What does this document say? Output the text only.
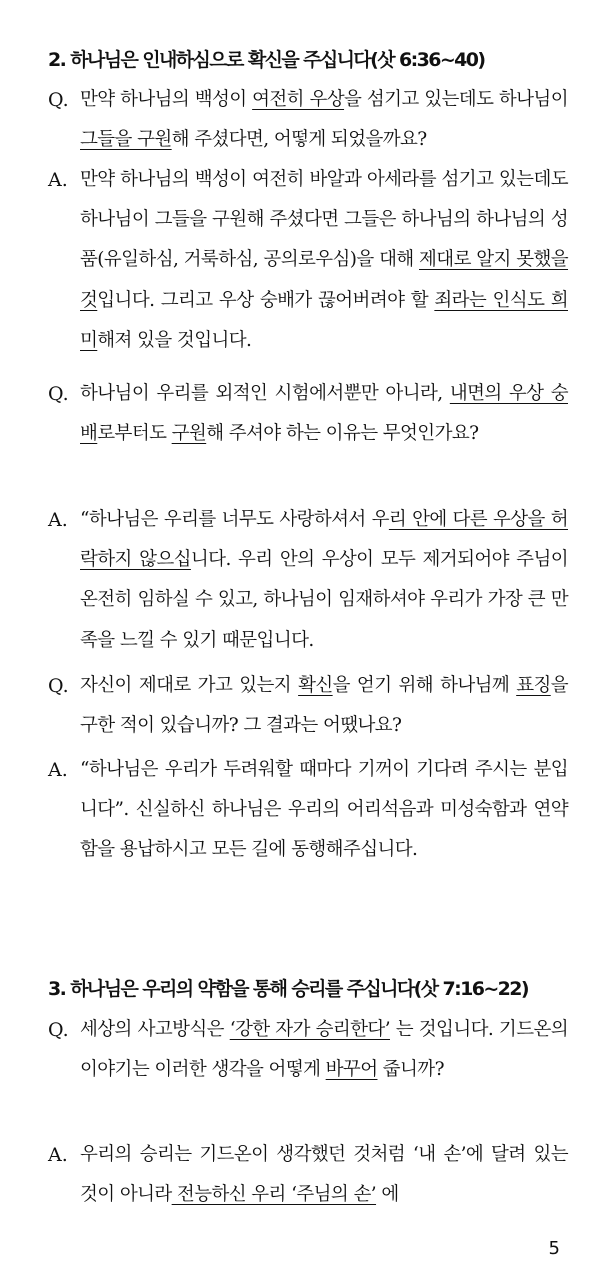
2. 하나님은 인내하심으로 확신을 주십니다(삿 6:36~40)
Q. 만약 하나님의 백성이 여전히 우상을 섬기고 있는데도 하나님이 그들을 구원해 주셨다면, 어떻게 되었을까요?
A. 만약 하나님의 백성이 여전히 바알과 아세라를 섬기고 있는데도 하나님이 그들을 구원해 주셨다면 그들은 하나님의 하나님의 성품(유일하심, 거룩하심, 공의로우심)을 대해 제대로 알지 못했을 것입니다. 그리고 우상 숭배가 끊어버려야 할 죄라는 인식도 희미해져 있을 것입니다.
Q. 하나님이 우리를 외적인 시험에서뿐만 아니라, 내면의 우상 숭배로부터도 구원해 주셔야 하는 이유는 무엇인가요?
A. “하나님은 우리를 너무도 사랑하셔서 우리 안에 다른 우상을 허락하지 않으십니다. 우리 안의 우상이 모두 제거되어야 주님이 온전히 임하실 수 있고, 하나님이 임재하셔야 우리가 가장 큰 만족을 느낄 수 있기 때문입니다.
Q. 자신이 제대로 가고 있는지 확신을 얻기 위해 하나님께 표징을 구한 적이 있습니까? 그 결과는 어땠나요?
A. “하나님은 우리가 두려워할 때마다 기꺼이 기다려 주시는 분입니다”. 신실하신 하나님은 우리의 어리석음과 미성숙함과 연약함을 용납하시고 모든 길에 동행해주십니다.
3. 하나님은 우리의 약함을 통해 승리를 주십니다(삿 7:16~22)
Q. 세상의 사고방식은 ‘강한 자가 승리한다’ 는 것입니다. 기드온의 이야기는 이러한 생각을 어떻게 바꾸어 줍니까?
A. 우리의 승리는 기드온이 생각했던 것처럼 ‘내 손’에 달려 있는 것이 아니라 전능하신 우리 ‘주님의 손’ 에
5
